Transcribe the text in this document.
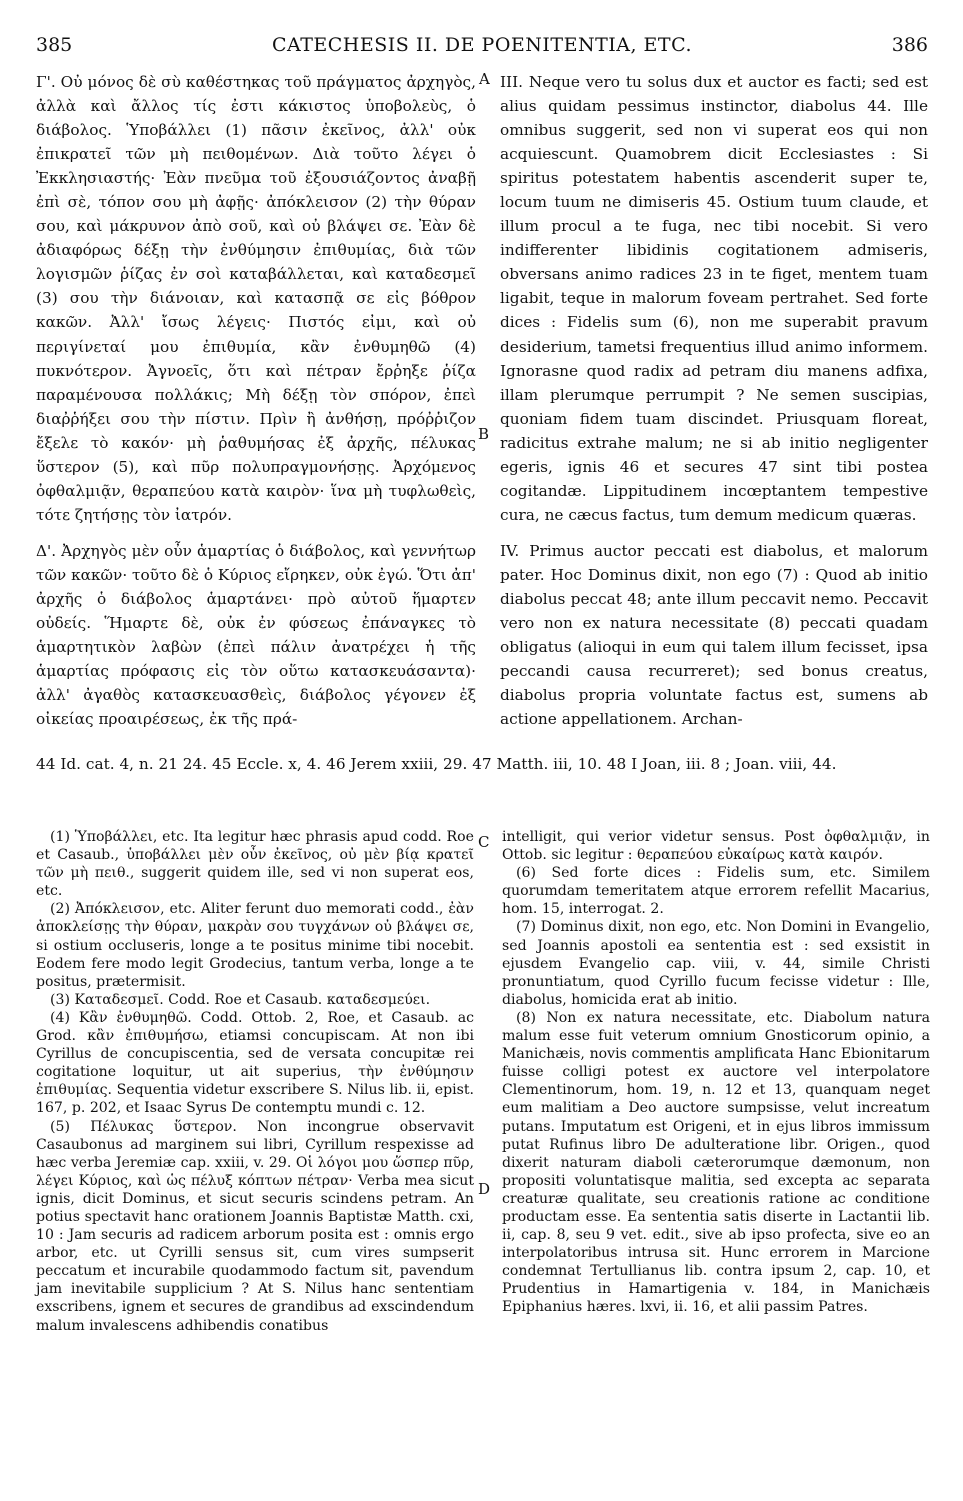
385	CATECHESIS II. DE POENITENTIA, ETC.	386

Γ'. Οὐ μόνος δὲ σὺ καθέστηκας τοῦ πράγματος ἀρχηγὸς, ἀλλὰ καὶ ἄλλος τίς ἐστι κάκιστος ὑποβολεὺς, ὁ διάβολος. Ὑποβάλλει (1) πᾶσιν ἐκεῖνος, ἀλλ' οὐκ ἐπικρατεῖ τῶν μὴ πειθομένων. Διὰ τοῦτο λέγει ὁ Ἐκκλησιαστής· Ἐὰν πνεῦμα τοῦ ἐξουσιάζοντος ἀναβῇ ἐπὶ σὲ, τόπον σου μὴ ἀφῇς· ἀπόκλεισον (2) τὴν θύραν σου, καὶ μάκρυνον ἀπὸ σοῦ, καὶ οὐ βλάψει σε. Ἐὰν δὲ ἀδιαφόρως δέξῃ τὴν ἐνθύμησιν ἐπιθυμίας, διὰ τῶν λογισμῶν ῥίζας ἐν σοὶ καταβάλλεται, καὶ καταδεσμεῖ (3) σου τὴν διάνοιαν, καὶ κατασπᾷ σε εἰς βόθρον κακῶν. Ἀλλ' ἴσως λέγεις· Πιστός εἰμι, καὶ οὐ περιγίνεταί μου ἐπιθυμία, κἂν ἐνθυμηθῶ (4) πυκνότερον. Ἀγνοεῖς, ὅτι καὶ πέτραν ἔρῥηξε ῥίζα παραμένουσα πολλάκις; Μὴ δέξῃ τὸν σπόρον, ἐπεὶ διαῤῥήξει σου τὴν πίστιν. Πρὶν ἢ ἀνθήσῃ, πρόῤῥιζον ἔξελε τὸ κακόν· μὴ ῥαθυμήσας ἐξ ἀρχῆς, πέλυκας ὕστερον (5), καὶ πῦρ πολυπραγμονήσῃς. Ἀρχόμενος ὀφθαλμιᾷν, θεραπεύου κατὰ καιρὸν· ἵνα μὴ τυφλωθεὶς, τότε ζητήσῃς τὸν ἰατρόν.

Δ'. Ἀρχηγὸς μὲν οὖν ἁμαρτίας ὁ διάβολος, καὶ γεννήτωρ τῶν κακῶν· τοῦτο δὲ ὁ Κύριος εἴρηκεν, οὐκ ἐγώ. Ὅτι ἀπ' ἀρχῆς ὁ διάβολος ἁμαρτάνει· πρὸ αὐτοῦ ἥμαρτεν οὐδείς. Ἥμαρτε δὲ, οὐκ ἐν φύσεως ἐπάναγκες τὸ ἁμαρτητικὸν λαβὼν (ἐπεὶ πάλιν ἀνατρέχει ἡ τῆς ἁμαρτίας πρόφασις εἰς τὸν οὕτω κατασκευάσαντα)· ἀλλ' ἀγαθὸς κατασκευασθεὶς, διάβολος γέγονεν ἐξ οἰκείας προαιρέσεως, ἐκ τῆς πρά-

A
B

III. Neque vero tu solus dux et auctor es facti; sed est alius quidam pessimus instinctor, diabolus 44. Ille omnibus suggerit, sed non vi superat eos qui non acquiescunt. Quamobrem dicit Ecclesiastes : Si spiritus potestatem habentis ascenderit super te, locum tuum ne dimiseris 45. Ostium tuum claude, et illum procul a te fuga, nec tibi nocebit. Si vero indifferenter libidinis cogitationem admiseris, obversans animo radices 23 in te figet, mentem tuam ligabit, teque in malorum foveam pertrahet. Sed forte dices : Fidelis sum (6), non me superabit pravum desiderium, tametsi frequentius illud animo informem. Ignorasne quod radix ad petram diu manens adfixa, illam plerumque perrumpit ? Ne semen suscipias, quoniam fidem tuam discindet. Priusquam floreat, radicitus extrahe malum; ne si ab initio negligenter egeris, ignis 46 et secures 47 sint tibi postea cogitandæ. Lippitudinem incœptantem tempestive cura, ne cæcus factus, tum demum medicum quæras.

IV. Primus auctor peccati est diabolus, et malorum pater. Hoc Dominus dixit, non ego (7) : Quod ab initio diabolus peccat 48; ante illum peccavit nemo. Peccavit vero non ex natura necessitate (8) peccati quadam obligatus (alioqui in eum qui talem illum fecisset, ipsa peccandi causa recurreret); sed bonus creatus, diabolus propria voluntate factus est, sumens ab actione appellationem. Archan-

44 Id. cat. 4, n. 21 24. 45 Eccle. x, 4. 46 Jerem xxiii, 29. 47 Matth. iii, 10. 48 I Joan, iii. 8 ; Joan. viii, 44.
C
D

(1) Ὑποβάλλει, etc. Ita legitur hæc phrasis apud codd. Roe et Casaub., ὑποβάλλει μὲν οὖν ἐκεῖνος, οὐ μὲν βίᾳ κρατεῖ τῶν μὴ πειθ., suggerit quidem ille, sed vi non superat eos, etc.

(2) Ἀπόκλεισον, etc. Aliter ferunt duo memorati codd., ἐὰν ἀποκλείσῃς τὴν θύραν, μακρὰν σου τυγχάνων οὐ βλάψει σε, si ostium occluseris, longe a te positus minime tibi nocebit. Eodem fere modo legit Grodecius, tantum verba, longe a te positus, prætermisit.

(3) Καταδεσμεῖ. Codd. Roe et Casaub. καταδεσμεύει.

(4) Κἂν ἐνθυμηθῶ. Codd. Ottob. 2, Roe, et Casaub. ac Grod. κἂν ἐπιθυμήσω, etiamsi concupiscam. At non ibi Cyrillus de concupiscentia, sed de versata concupitæ rei cogitatione loquitur, ut ait superius, τὴν ἐνθύμησιν ἐπιθυμίας. Sequentia videtur exscribere S. Nilus lib. ii, epist. 167, p. 202, et Isaac Syrus De contemptu mundi c. 12.

(5) Πέλυκας ὕστερον. Non incongrue observavit Casaubonus ad marginem sui libri, Cyrillum respexisse ad hæc verba Jeremiæ cap. xxiii, v. 29. Οἱ λόγοι μου ὥσπερ πῦρ, λέγει Κύριος, καὶ ὡς πέλυξ κόπτων πέτραν· Verba mea sicut ignis, dicit Dominus, et sicut securis scindens petram. An potius spectavit hanc orationem Joannis Baptistæ Matth. cxi, 10 : Jam securis ad radicem arborum posita est : omnis ergo arbor, etc. ut Cyrilli sensus sit, cum vires sumpserit peccatum et incurabile quodammodo factum sit, pavendum jam inevitabile supplicium ? At S. Nilus hanc sententiam exscribens, ignem et secures de grandibus ad exscindendum malum invalescens adhibendis conatibus

intelligit, qui verior videtur sensus. Post ὀφθαλμιᾷν, in Ottob. sic legitur : θεραπεύου εὐκαίρως κατὰ καιρόν.

(6) Sed forte dices : Fidelis sum, etc. Similem quorumdam temeritatem atque errorem refellit Macarius, hom. 15, interrogat. 2.

(7) Dominus dixit, non ego, etc. Non Domini in Evangelio, sed Joannis apostoli ea sententia est : sed exsistit in ejusdem Evangelio cap. viii, v. 44, simile Christi pronuntiatum, quod Cyrillo fucum fecisse videtur : Ille, diabolus, homicida erat ab initio.

(8) Non ex natura necessitate, etc. Diabolum natura malum esse fuit veterum omnium Gnosticorum opinio, a Manichæis, novis commentis amplificata Hanc Ebionitarum fuisse colligi potest ex auctore vel interpolatore Clementinorum, hom. 19, n. 12 et 13, quanquam neget eum malitiam a Deo auctore sumpsisse, velut increatum putans. Imputatum est Origeni, et in ejus libros immissum putat Rufinus libro De adulteratione libr. Origen., quod dixerit naturam diaboli cæterorumque dæmonum, non propositi voluntatisque malitia, sed excepta ac separata creaturæ qualitate, seu creationis ratione ac conditione productam esse. Ea sententia satis diserte in Lactantii lib. ii, cap. 8, seu 9 vet. edit., sive ab ipso profecta, sive eo an interpolatoribus intrusa sit. Hunc errorem in Marcione condemnat Tertullianus lib. contra ipsum 2, cap. 10, et Prudentius in Hamartigenia v. 184, in Manichæis Epiphanius hæres. lxvi, ii. 16, et alii passim Patres.
